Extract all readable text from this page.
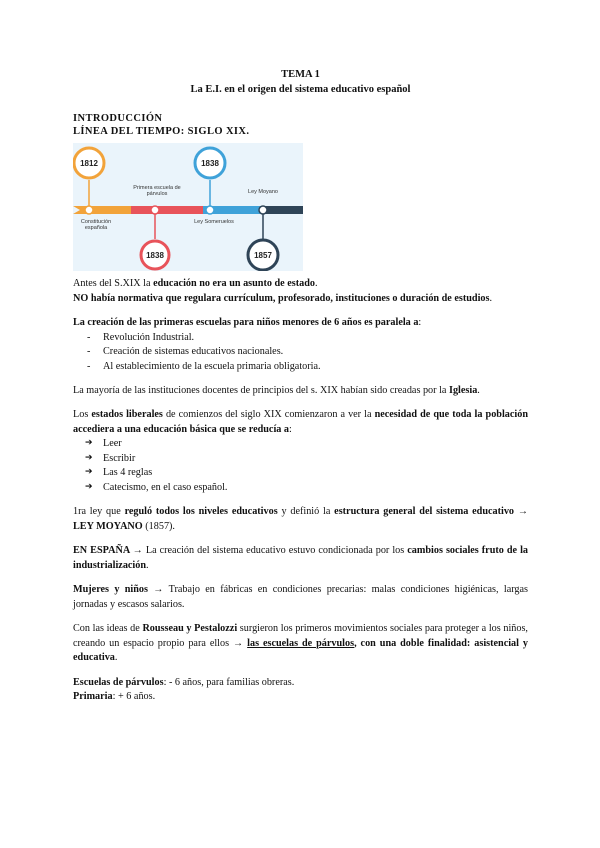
TEMA 1

La E.I. en el origen del sistema educativo español

INTRODUCCIÓN

LÍNEA DEL TIEMPO: SIGLO XIX.

1812
1838
1838
1857
Constitución española
Primera escuela de párvulos
Ley Someruelos
Ley Moyano

Antes del S.XIX la educación no era un asunto de estado.

NO había normativa que regulara currículum, profesorado, instituciones o duración de estudios.

La creación de las primeras escuelas para niños menores de 6 años es paralela a:

- Revolución Industrial.
- Creación de sistemas educativos nacionales.
- Al establecimiento de la escuela primaria obligatoria.

La mayoría de las instituciones docentes de principios del s. XIX habían sido creadas por la Iglesia.

Los estados liberales de comienzos del siglo XIX comienzaron a ver la necesidad de que toda la población accediera a una educación básica que se reducía a:

➔ Leer
➔ Escribir
➔ Las 4 reglas
➔ Catecismo, en el caso español.

1ra ley que reguló todos los niveles educativos y definió la estructura general del sistema educativo → LEY MOYANO (1857).

EN ESPAÑA → La creación del sistema educativo estuvo condicionada por los cambios sociales fruto de la industrialización.

Mujeres y niños → Trabajo en fábricas en condiciones precarias: malas condiciones higiénicas, largas jornadas y escasos salarios.

Con las ideas de Rousseau y Pestalozzi surgieron los primeros movimientos sociales para proteger a los niños, creando un espacio propio para ellos → las escuelas de párvulos, con una doble finalidad: asistencial y educativa.

Escuelas de párvulos: - 6 años, para familias obreras.

Primaria: + 6 años.
